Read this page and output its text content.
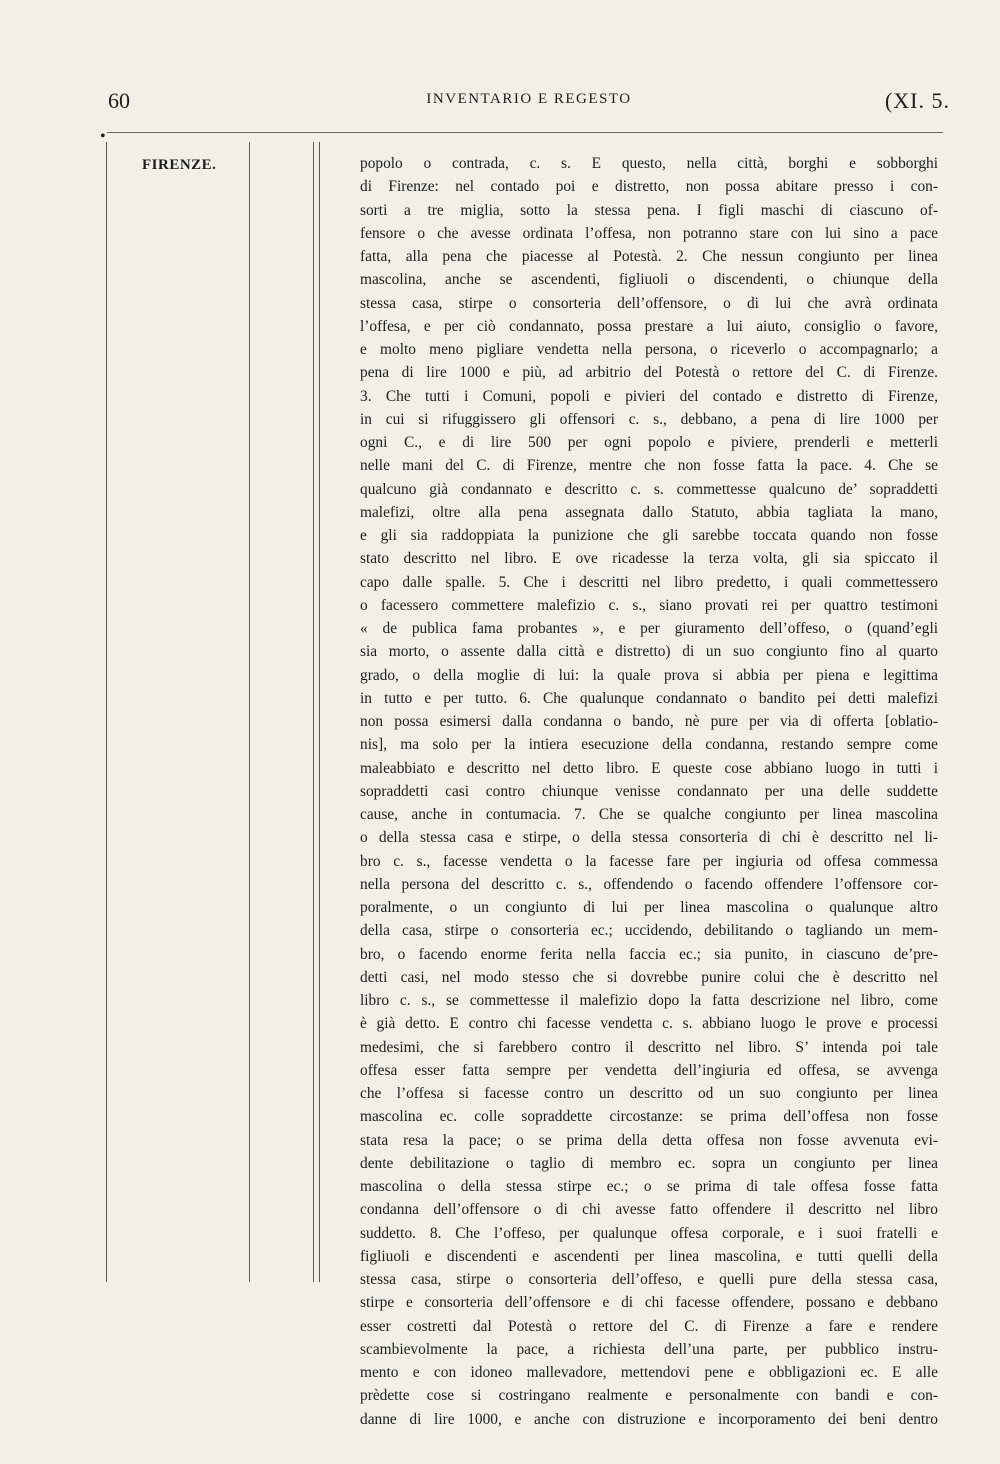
60	INVENTARIO E REGESTO	(XI. 5.
•
FIRENZE.	popolo o contrada, c. s. E questo, nella città, borghi e sobborghi
di Firenze: nel contado poi e distretto, non possa abitare presso i con-
sorti a tre miglia, sotto la stessa pena. I figli maschi di ciascuno of-
fensore o che avesse ordinata l’offesa, non potranno stare con lui sino a pace
fatta, alla pena che piacesse al Potestà. 2. Che nessun congiunto per linea
mascolina, anche se ascendenti, figliuoli o discendenti, o chiunque della
stessa casa, stirpe o consorteria dell’offensore, o di lui che avrà ordinata
l’offesa, e per ciò condannato, possa prestare a lui aiuto, consiglio o favore,
e molto meno pigliare vendetta nella persona, o riceverlo o accompagnarlo; a
pena di lire 1000 e più, ad arbitrio del Potestà o rettore del C. di Firenze.
3. Che tutti i Comuni, popoli e pivieri del contado e distretto di Firenze,
in cui si rifuggissero gli offensori c. s., debbano, a pena di lire 1000 per
ogni C., e di lire 500 per ogni popolo e piviere, prenderli e metterli
nelle mani del C. di Firenze, mentre che non fosse fatta la pace. 4. Che se
qualcuno già condannato e descritto c. s. commettesse qualcuno de’ sopraddetti
malefizi, oltre alla pena assegnata dallo Statuto, abbia tagliata la mano,
e gli sia raddoppiata la punizione che gli sarebbe toccata quando non fosse
stato descritto nel libro. E ove ricadesse la terza volta, gli sia spiccato il
capo dalle spalle. 5. Che i descritti nel libro predetto, i quali commettessero
o facessero commettere malefizio c. s., siano provati rei per quattro testimoni
« de publica fama probantes », e per giuramento dell’offeso, o (quand’egli
sia morto, o assente dalla città e distretto) di un suo congiunto fino al quarto
grado, o della moglie di lui: la quale prova si abbia per piena e legittima
in tutto e per tutto. 6. Che qualunque condannato o bandito pei detti malefizi
non possa esimersi dalla condanna o bando, nè pure per via di offerta [oblatio-
nis], ma solo per la intiera esecuzione della condanna, restando sempre come
maleabbiato e descritto nel detto libro. E queste cose abbiano luogo in tutti i
sopraddetti casi contro chiunque venisse condannato per una delle suddette
cause, anche in contumacia. 7. Che se qualche congiunto per linea mascolina
o della stessa casa e stirpe, o della stessa consorteria di chi è descritto nel li-
bro c. s., facesse vendetta o la facesse fare per ingiuria od offesa commessa
nella persona del descritto c. s., offendendo o facendo offendere l’offensore cor-
poralmente, o un congiunto di lui per linea mascolina o qualunque altro
della casa, stirpe o consorteria ec.; uccidendo, debilitando o tagliando un mem-
bro, o facendo enorme ferita nella faccia ec.; sia punito, in ciascuno de’pre-
detti casi, nel modo stesso che si dovrebbe punire colui che è descritto nel
libro c. s., se commettesse il malefizio dopo la fatta descrizione nel libro, come
è già detto. E contro chi facesse vendetta c. s. abbiano luogo le prove e processi
medesimi, che si farebbero contro il descritto nel libro. S’ intenda poi tale
offesa esser fatta sempre per vendetta dell’ingiuria ed offesa, se avvenga
che l’offesa si facesse contro un descritto od un suo congiunto per linea
mascolina ec. colle sopraddette circostanze: se prima dell’offesa non fosse
stata resa la pace; o se prima della detta offesa non fosse avvenuta evi-
dente debilitazione o taglio di membro ec. sopra un congiunto per linea
mascolina o della stessa stirpe ec.; o se prima di tale offesa fosse fatta
condanna dell’offensore o di chi avesse fatto offendere il descritto nel libro
suddetto. 8. Che l’offeso, per qualunque offesa corporale, e i suoi fratelli e
figliuoli e discendenti e ascendenti per linea mascolina, e tutti quelli della
stessa casa, stirpe o consorteria dell’offeso, e quelli pure della stessa casa,
stirpe e consorteria dell’offensore e di chi facesse offendere, possano e debbano
esser costretti dal Potestà o rettore del C. di Firenze a fare e rendere
scambievolmente la pace, a richiesta dell’una parte, per pubblico instru-
mento e con idoneo mallevadore, mettendovi pene e obbligazioni ec. E alle
prèdette cose si costringano realmente e personalmente con bandi e con-
danne di lire 1000, e anche con distruzione e incorporamento dei beni dentro
